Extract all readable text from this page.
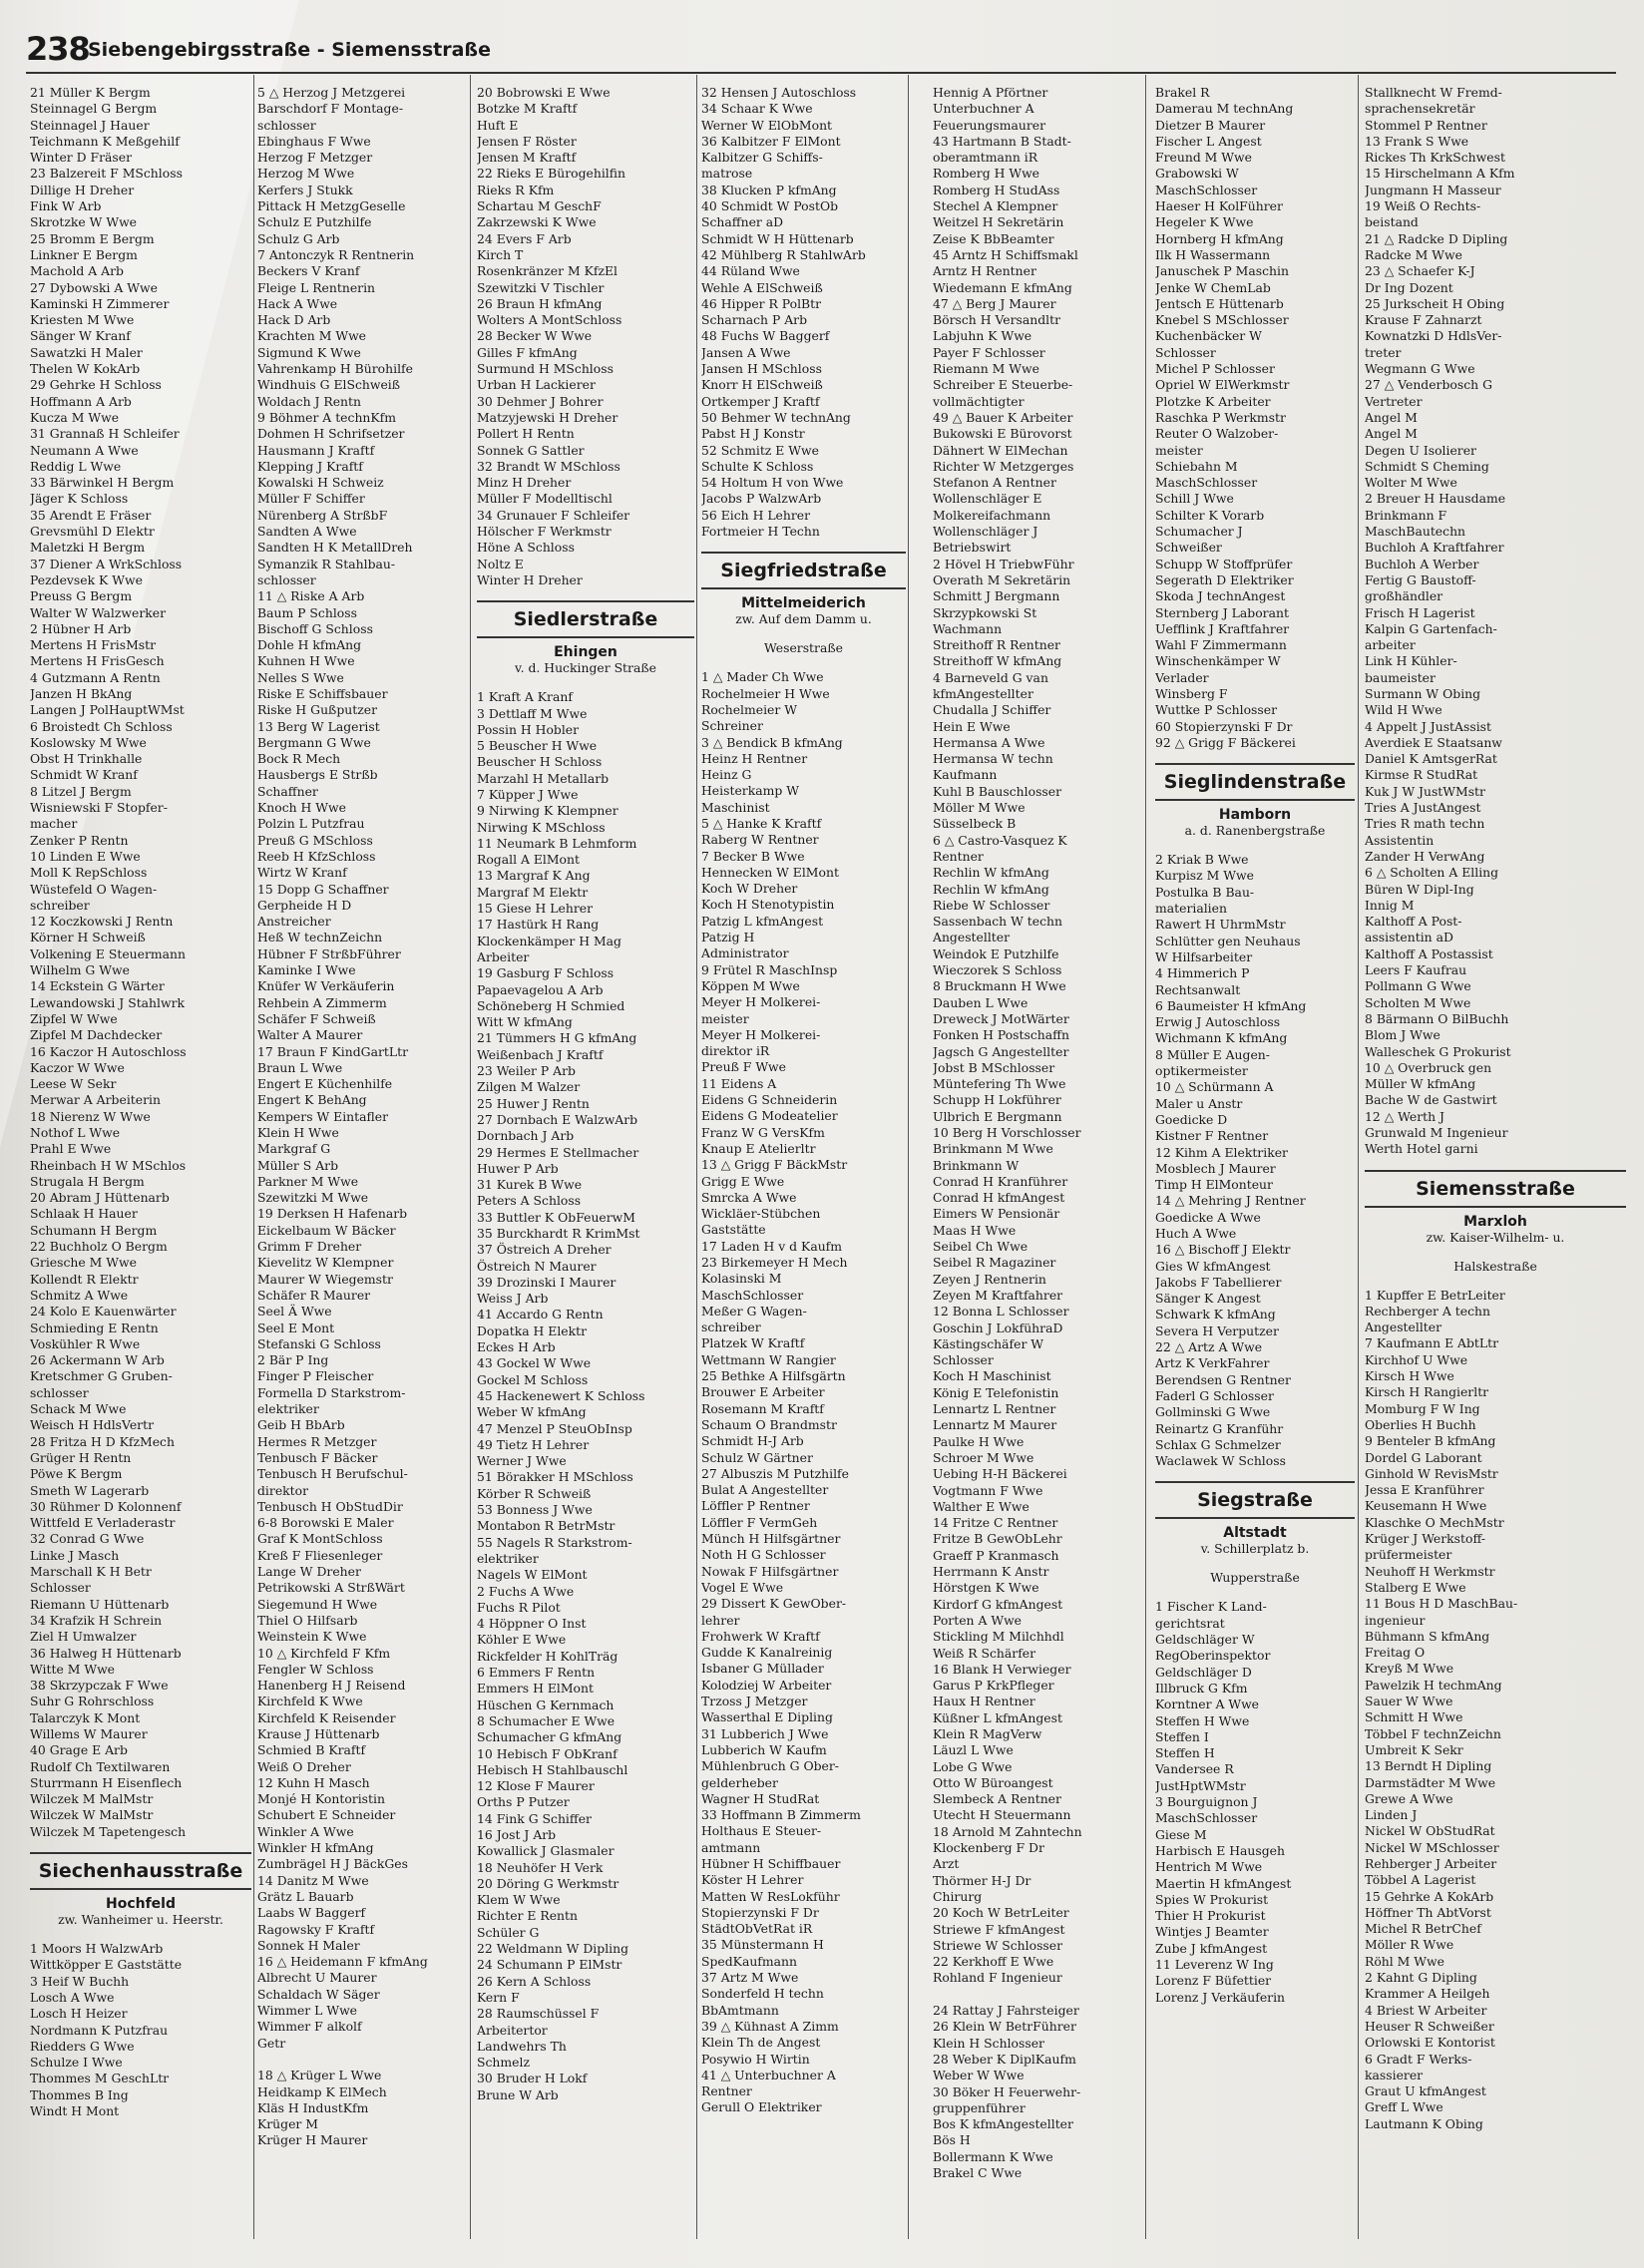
238
Siebengebirgsstraße - Siemensstraße
21 Müller K Bergm
Steinnagel G Bergm
Steinnagel J Hauer
Teichmann K Meßgehilf
Winter D Fräser
23 Balzereit F MSchloss
Dillige H Dreher
Fink W Arb
Skrotzke W Wwe
25 Bromm E Bergm
Linkner E Bergm
Machold A Arb
27 Dybowski A Wwe
Kaminski H Zimmerer
Kriesten M Wwe
Sänger W Kranf
Sawatzki H Maler
Thelen W KokArb
29 Gehrke H Schloss
Hoffmann A Arb
Kucza M Wwe
31 Grannaß H Schleifer
Neumann A Wwe
Reddig L Wwe
33 Bärwinkel H Bergm
Jäger K Schloss
35 Arendt E Fräser
Grevsmühl D Elektr
Maletzki H Bergm
37 Diener A WrkSchloss
Pezdevsek K Wwe
Preuss G Bergm
Walter W Walzwerker
2 Hübner H Arb
Mertens H FrisMstr
Mertens H FrisGesch
4 Gutzmann A Rentn
Janzen H BkAng
Langen J PolHauptWMst
6 Broistedt Ch Schloss
Koslowsky M Wwe
Obst H Trinkhalle
Schmidt W Kranf
8 Litzel J Bergm
Wisniewski F Stopfer-
macher
Zenker P Rentn
10 Linden E Wwe
Moll K RepSchloss
Wüstefeld O Wagen-
schreiber
12 Koczkowski J Rentn
Körner H Schweiß
Volkening E Steuermann
Wilhelm G Wwe
14 Eckstein G Wärter
Lewandowski J Stahlwrk
Zipfel W Wwe
Zipfel M Dachdecker
16 Kaczor H Autoschloss
Kaczor W Wwe
Leese W Sekr
Merwar A Arbeiterin
18 Nierenz W Wwe
Nothof L Wwe
Prahl E Wwe
Rheinbach H W MSchlos
Strugala H Bergm
20 Abram J Hüttenarb
Schlaak H Hauer
Schumann H Bergm
22 Buchholz O Bergm
Griesche M Wwe
Kollendt R Elektr
Schmitz A Wwe
24 Kolo E Kauenwärter
Schmieding E Rentn
Voskühler R Wwe
26 Ackermann W Arb
Kretschmer G Gruben-
schlosser
Schack M Wwe
Weisch H HdlsVertr
28 Fritza H D KfzMech
Grüger H Rentn
Pöwe K Bergm
Smeth W Lagerarb
30 Rühmer D Kolonnenf
Wittfeld E Verladerastr
32 Conrad G Wwe
Linke J Masch
Marschall K H Betr
Schlosser
Riemann U Hüttenarb
34 Krafzik H Schrein
Ziel H Umwalzer
36 Halweg H Hüttenarb
Witte M Wwe
38 Skrzypczak F Wwe
Suhr G Rohrschloss
Talarczyk K Mont
Willems W Maurer
40 Grage E Arb
Rudolf Ch Textilwaren
Sturrmann H Eisenflech
Wilczek M MalMstr
Wilczek W MalMstr
Wilczek M Tapetengesch
Siechenhausstraße
Hochfeld
zw. Wanheimer u. Heerstr.
1 Moors H WalzwArb
Wittköpper E Gaststätte
3 Heif W Buchh
Losch A Wwe
Losch H Heizer
Nordmann K Putzfrau
Riedders G Wwe
Schulze I Wwe
Thommes M GeschLtr
Thommes B Ing
Windt H Mont
5 △ Herzog J Metzgerei
Barschdorf F Montage-
schlosser
Ebinghaus F Wwe
Herzog F Metzger
Herzog M Wwe
Kerfers J Stukk
Pittack H MetzgGeselle
Schulz E Putzhilfe
Schulz G Arb
7 Antonczyk R Rentnerin
Beckers V Kranf
Fleige L Rentnerin
Hack A Wwe
Hack D Arb
Krachten M Wwe
Sigmund K Wwe
Vahrenkamp H Bürohilfe
Windhuis G ElSchweiß
Woldach J Rentn
9 Böhmer A technKfm
Dohmen H Schrifsetzer
Hausmann J Kraftf
Klepping J Kraftf
Kowalski H Schweiz
Müller F Schiffer
Nürenberg A StrßbF
Sandten A Wwe
Sandten H K MetallDreh
Symanzik R Stahlbau-
schlosser
11 △ Riske A Arb
Baum P Schloss
Bischoff G Schloss
Dohle H kfmAng
Kuhnen H Wwe
Nelles S Wwe
Riske E Schiffsbauer
Riske H Gußputzer
13 Berg W Lagerist
Bergmann G Wwe
Bock R Mech
Hausbergs E Strßb
Schaffner
Knoch H Wwe
Polzin L Putzfrau
Preuß G MSchloss
Reeb H KfzSchloss
Wirtz W Kranf
15 Dopp G Schaffner
Gerpheide H D
Anstreicher
Heß W technZeichn
Hübner F StrßbFührer
Kaminke I Wwe
Knüfer W Verkäuferin
Rehbein A Zimmerm
Schäfer F Schweiß
Walter A Maurer
17 Braun F KindGartLtr
Braun L Wwe
Engert E Küchenhilfe
Engert K BehAng
Kempers W Eintafler
Klein H Wwe
Markgraf G
Müller S Arb
Parkner M Wwe
Szewitzki M Wwe
19 Derksen H Hafenarb
Eickelbaum W Bäcker
Grimm F Dreher
Kievelitz W Klempner
Maurer W Wiegemstr
Schäfer R Maurer
Seel Ä Wwe
Seel E Mont
Stefanski G Schloss
2 Bär P Ing
Finger P Fleischer
Formella D Starkstrom-
elektriker
Geib H BbArb
Hermes R Metzger
Tenbusch F Bäcker
Tenbusch H Berufschul-
direktor
Tenbusch H ObStudDir
6-8 Borowski E Maler
Graf K MontSchloss
Kreß F Fliesenleger
Lange W Dreher
Petrikowski A StrßWärt
Siegemund H Wwe
Thiel O Hilfsarb
Weinstein K Wwe
10 △ Kirchfeld F Kfm
Fengler W Schloss
Hanenberg H J Reisend
Kirchfeld K Wwe
Kirchfeld K Reisender
Krause J Hüttenarb
Schmied B Kraftf
Weiß O Dreher
12 Kuhn H Masch
Monjé H Kontoristin
Schubert E Schneider
Winkler A Wwe
Winkler H kfmAng
Zumbrägel H J BäckGes
14 Danitz M Wwe
Grätz L Bauarb
Laabs W Baggerf
Ragowsky F Kraftf
Sonnek H Maler
16 △ Heidemann F kfmAng
Albrecht U Maurer
Schaldach W Säger
Wimmer L Wwe
Wimmer F alkolf
Getr

18 △ Krüger L Wwe
Heidkamp K ElMech
Kläs H IndustKfm
Krüger M
Krüger H Maurer
20 Bobrowski E Wwe
Botzke M Kraftf
Huft E
Jensen F Röster
Jensen M Kraftf
22 Rieks E Bürogehilfin
Rieks R Kfm
Schartau M GeschF
Zakrzewski K Wwe
24 Evers F Arb
Kirch T
Rosenkränzer M KfzEl
Szewitzki V Tischler
26 Braun H kfmAng
Wolters A MontSchloss
28 Becker W Wwe
Gilles F kfmAng
Surmund H MSchloss
Urban H Lackierer
30 Dehmer J Bohrer
Matzyjewski H Dreher
Pollert H Rentn
Sonnek G Sattler
32 Brandt W MSchloss
Minz H Dreher
Müller F Modelltischl
34 Grunauer F Schleifer
Hölscher F Werkmstr
Höne A Schloss
Noltz E
Winter H Dreher
Siedlerstraße
Ehingen
v. d. Huckinger Straße
1 Kraft A Kranf
3 Dettlaff M Wwe
Possin H Hobler
5 Beuscher H Wwe
Beuscher H Schloss
Marzahl H Metallarb
7 Küpper J Wwe
9 Nirwing K Klempner
Nirwing K MSchloss
11 Neumark B Lehmform
Rogall A ElMont
13 Margraf K Ang
Margraf M Elektr
15 Giese H Lehrer
17 Hastürk H Rang
Klockenkämper H Mag
Arbeiter
19 Gasburg F Schloss
Papaevagelou A Arb
Schöneberg H Schmied
Witt W kfmAng
21 Tümmers H G kfmAng
Weißenbach J Kraftf
23 Weiler P Arb
Zilgen M Walzer
25 Huwer J Rentn
27 Dornbach E WalzwArb
Dornbach J Arb
29 Hermes E Stellmacher
Huwer P Arb
31 Kurek B Wwe
Peters A Schloss
33 Buttler K ObFeuerwM
35 Burckhardt R KrimMst
37 Östreich A Dreher
Östreich N Maurer
39 Drozinski I Maurer
Weiss J Arb
41 Accardo G Rentn
Dopatka H Elektr
Eckes H Arb
43 Gockel W Wwe
Gockel M Schloss
45 Hackenewert K Schloss
Weber W kfmAng
47 Menzel P SteuObInsp
49 Tietz H Lehrer
Werner J Wwe
51 Börakker H MSchloss
Körber R Schweiß
53 Bonness J Wwe
Montabon R BetrMstr
55 Nagels R Starkstrom-
elektriker
Nagels W ElMont
2 Fuchs A Wwe
Fuchs R Pilot
4 Höppner O Inst
Köhler E Wwe
Rickfelder H KohlTräg
6 Emmers F Rentn
Emmers H ElMont
Hüschen G Kernmach
8 Schumacher E Wwe
Schumacher G kfmAng
10 Hebisch F ObKranf
Hebisch H Stahlbauschl
12 Klose F Maurer
Orths P Putzer
14 Fink G Schiffer
16 Jost J Arb
Kowallick J Glasmaler
18 Neuhöfer H Verk
20 Döring G Werkmstr
Klem W Wwe
Richter E Rentn
Schüler G
22 Weldmann W Dipling
24 Schumann P ElMstr
26 Kern A Schloss
Kern F
28 Raumschüssel F
Arbeitertor
Landwehrs Th
Schmelz
30 Bruder H Lokf
Brune W Arb
32 Hensen J Autoschloss
34 Schaar K Wwe
Werner W ElObMont
36 Kalbitzer F ElMont
Kalbitzer G Schiffs-
matrose
38 Klucken P kfmAng
40 Schmidt W PostOb
Schaffner aD
Schmidt W H Hüttenarb
42 Mühlberg R StahlwArb
44 Rüland Wwe
Wehle A ElSchweiß
46 Hipper R PolBtr
Scharnach P Arb
48 Fuchs W Baggerf
Jansen A Wwe
Jansen H MSchloss
Knorr H ElSchweiß
Ortkemper J Kraftf
50 Behmer W technAng
Pabst H J Konstr
52 Schmitz E Wwe
Schulte K Schloss
54 Holtum H von Wwe
Jacobs P WalzwArb
56 Eich H Lehrer
Fortmeier H Techn
Siegfriedstraße
Mittelmeiderich
zw. Auf dem Damm u.
Weserstraße
1 △ Mader Ch Wwe
Rochelmeier H Wwe
Rochelmeier W
Schreiner
3 △ Bendick B kfmAng
Heinz H Rentner
Heinz G
Heisterkamp W
Maschinist
5 △ Hanke K Kraftf
Raberg W Rentner
7 Becker B Wwe
Hennecken W ElMont
Koch W Dreher
Koch H Stenotypistin
Patzig L kfmAngest
Patzig H
Administrator
9 Frütel R MaschInsp
Köppen M Wwe
Meyer H Molkerei-
meister
Meyer H Molkerei-
direktor iR
Preuß F Wwe
11 Eidens A
Eidens G Schneiderin
Eidens G Modeatelier
Franz W G VersKfm
Knaup E Atelierltr
13 △ Grigg F BäckMstr
Grigg E Wwe
Smrcka A Wwe
Wickläer-Stübchen
Gaststätte
17 Laden H v d Kaufm
23 Birkemeyer H Mech
Kolasinski M
MaschSchlosser
Meßer G Wagen-
schreiber
Platzek W Kraftf
Wettmann W Rangier
25 Bethke A Hilfsgärtn
Brouwer E Arbeiter
Rosemann M Kraftf
Schaum O Brandmstr
Schmidt H-J Arb
Schulz W Gärtner
27 Albuszis M Putzhilfe
Bulat A Angestellter
Löffler P Rentner
Löffler F VermGeh
Münch H Hilfsgärtner
Noth H G Schlosser
Nowak F Hilfsgärtner
Vogel E Wwe
29 Dissert K GewOber-
lehrer
Frohwerk W Kraftf
Gudde K Kanalreinig
Isbaner G Müllader
Kolodziej W Arbeiter
Trzoss J Metzger
Wasserthal E Dipling
31 Lubberich J Wwe
Lubberich W Kaufm
Mühlenbruch G Ober-
gelderheber
Wagner H StudRat
33 Hoffmann B Zimmerm
Holthaus E Steuer-
amtmann
Hübner H Schiffbauer
Köster H Lehrer
Matten W ResLokführ
Stopierzynski F Dr
StädtObVetRat iR
35 Münstermann H
SpedKaufmann
37 Artz M Wwe
Sonderfeld H techn
BbAmtmann
39 △ Kühnast A Zimm
Klein Th de Angest
Posywio H Wirtin
41 △ Unterbuchner A
Rentner
Gerull O Elektriker
Hennig A Pförtner
Unterbuchner A
Feuerungsmaurer
43 Hartmann B Stadt-
oberamtmann iR
Romberg H Wwe
Romberg H StudAss
Stechel A Klempner
Weitzel H Sekretärin
Zeise K BbBeamter
45 Arntz H Schiffsmakl
Arntz H Rentner
Wiedemann E kfmAng
47 △ Berg J Maurer
Börsch H Versandltr
Labjuhn K Wwe
Payer F Schlosser
Riemann M Wwe
Schreiber E Steuerbe-
vollmächtigter
49 △ Bauer K Arbeiter
Bukowski E Bürovorst
Dähnert W ElMechan
Richter W Metzgerges
Stefanon A Rentner
Wollenschläger E
Molkereifachmann
Wollenschläger J
Betriebswirt
2 Hövel H TriebwFühr
Overath M Sekretärin
Schmitt J Bergmann
Skrzypkowski St
Wachmann
Streithoff R Rentner
Streithoff W kfmAng
4 Barneveld G van
kfmAngestellter
Chudalla J Schiffer
Hein E Wwe
Hermansa A Wwe
Hermansa W techn
Kaufmann
Kuhl B Bauschlosser
Möller M Wwe
Süsselbeck B
6 △ Castro-Vasquez K
Rentner
Rechlin W kfmAng
Rechlin W kfmAng
Riebe W Schlosser
Sassenbach W techn
Angestellter
Weindok E Putzhilfe
Wieczorek S Schloss
8 Bruckmann H Wwe
Dauben L Wwe
Dreweck J MotWärter
Fonken H Postschaffn
Jagsch G Angestellter
Jobst B MSchlosser
Müntefering Th Wwe
Schupp H Lokführer
Ulbrich E Bergmann
10 Berg H Vorschlosser
Brinkmann M Wwe
Brinkmann W
Conrad H Kranführer
Conrad H kfmAngest
Eimers W Pensionär
Maas H Wwe
Seibel Ch Wwe
Seibel R Magaziner
Zeyen J Rentnerin
Zeyen M Kraftfahrer
12 Bonna L Schlosser
Goschin J LokführaD
Kästingschäfer W
Schlosser
Koch H Maschinist
König E Telefonistin
Lennartz L Rentner
Lennartz M Maurer
Paulke H Wwe
Schroer M Wwe
Uebing H-H Bäckerei
Vogtmann F Wwe
Walther E Wwe
14 Fritze C Rentner
Fritze B GewObLehr
Graeff P Kranmasch
Herrmann K Anstr
Hörstgen K Wwe
Kirdorf G kfmAngest
Porten A Wwe
Stickling M Milchhdl
Weiß R Schärfer
16 Blank H Verwieger
Garus P KrkPfleger
Haux H Rentner
Küßner L kfmAngest
Klein R MagVerw
Läuzl L Wwe
Lobe G Wwe
Otto W Büroangest
Slembeck A Rentner
Utecht H Steuermann
18 Arnold M Zahntechn
Klockenberg F Dr
Arzt
Thörmer H-J Dr
Chirurg
20 Koch W BetrLeiter
Striewe F kfmAngest
Striewe W Schlosser
22 Kerkhoff E Wwe
Rohland F Ingenieur

24 Rattay J Fahrsteiger
26 Klein W BetrFührer
Klein H Schlosser
28 Weber K DiplKaufm
Weber W Wwe
30 Böker H Feuerwehr-
gruppenführer
Bos K kfmAngestellter
Bös H
Bollermann K Wwe
Brakel C Wwe
Brakel R
Damerau M technAng
Dietzer B Maurer
Fischer L Angest
Freund M Wwe
Grabowski W
MaschSchlosser
Haeser H KolFührer
Hegeler K Wwe
Hornberg H kfmAng
Ilk H Wassermann
Januschek P Maschin
Jenke W ChemLab
Jentsch E Hüttenarb
Knebel S MSchlosser
Kuchenbäcker W
Schlosser
Michel P Schlosser
Opriel W ElWerkmstr
Plotzke K Arbeiter
Raschka P Werkmstr
Reuter O Walzober-
meister
Schiebahn M
MaschSchlosser
Schill J Wwe
Schilter K Vorarb
Schumacher J
Schweißer
Schupp W Stoffprüfer
Segerath D Elektriker
Skoda J technAngest
Sternberg J Laborant
Uefflink J Kraftfahrer
Wahl F Zimmermann
Winschenkämper W
Verlader
Winsberg F
Wuttke P Schlosser
60 Stopierzynski F Dr
92 △ Grigg F Bäckerei
Sieglindenstraße
Hamborn
a. d. Ranenbergstraße
2 Kriak B Wwe
Kurpisz M Wwe
Postulka B Bau-
materialien
Rawert H UhrmMstr
Schlütter gen Neuhaus
W Hilfsarbeiter
4 Himmerich P
Rechtsanwalt
6 Baumeister H kfmAng
Erwig J Autoschloss
Wichmann K kfmAng
8 Müller E Augen-
optikermeister
10 △ Schürmann A
Maler u Anstr
Goedicke D
Kistner F Rentner
12 Kihm A Elektriker
Mosblech J Maurer
Timp H ElMonteur
14 △ Mehring J Rentner
Goedicke A Wwe
Huch A Wwe
16 △ Bischoff J Elektr
Gies W kfmAngest
Jakobs F Tabellierer
Sänger K Angest
Schwark K kfmAng
Severa H Verputzer
22 △ Artz A Wwe
Artz K VerkFahrer
Berendsen G Rentner
Faderl G Schlosser
Gollminski G Wwe
Reinartz G Kranführ
Schlax G Schmelzer
Waclawek W Schloss
Siegstraße
Altstadt
v. Schillerplatz b.
Wupperstraße
1 Fischer K Land-
gerichtsrat
Geldschläger W
RegOberinspektor
Geldschläger D
Illbruck G Kfm
Korntner A Wwe
Steffen H Wwe
Steffen I
Steffen H
Vandersee R
JustHptWMstr
3 Bourguignon J
MaschSchlosser
Giese M
Harbisch E Hausgeh
Hentrich M Wwe
Maertin H kfmAngest
Spies W Prokurist
Thier H Prokurist
Wintjes J Beamter
Zube J kfmAngest
11 Leverenz W Ing
Lorenz F Büfettier
Lorenz J Verkäuferin
Stallknecht W Fremd-
sprachensekretär
Stommel P Rentner
13 Frank S Wwe
Rickes Th KrkSchwest
15 Hirschelmann A Kfm
Jungmann H Masseur
19 Weiß O Rechts-
beistand
21 △ Radcke D Dipling
Radcke M Wwe
23 △ Schaefer K-J
Dr Ing Dozent
25 Jurkscheit H Obing
Krause F Zahnarzt
Kownatzki D HdlsVer-
treter
Wegmann G Wwe
27 △ Venderbosch G
Vertreter
Angel M
Angel M
Degen U Isolierer
Schmidt S Cheming
Wolter M Wwe
2 Breuer H Hausdame
Brinkmann F
MaschBautechn
Buchloh A Kraftfahrer
Buchloh A Werber
Fertig G Baustoff-
großhändler
Frisch H Lagerist
Kalpin G Gartenfach-
arbeiter
Link H Kühler-
baumeister
Surmann W Obing
Wild H Wwe
4 Appelt J JustAssist
Averdiek E Staatsanw
Daniel K AmtsgerRat
Kirmse R StudRat
Kuk J W JustWMstr
Tries A JustAngest
Tries R math techn
Assistentin
Zander H VerwAng
6 △ Scholten A Elling
Büren W Dipl-Ing
Innig M
Kalthoff A Post-
assistentin aD
Kalthoff A Postassist
Leers F Kaufrau
Pollmann G Wwe
Scholten M Wwe
8 Bärmann O BilBuchh
Blom J Wwe
Walleschek G Prokurist
10 △ Overbruck gen
Müller W kfmAng
Bache W de Gastwirt
12 △ Werth J
Grunwald M Ingenieur
Werth Hotel garni
Siemensstraße
Marxloh
zw. Kaiser-Wilhelm- u.
Halskestraße
1 Kupffer E BetrLeiter
Rechberger A techn
Angestellter
7 Kaufmann E AbtLtr
Kirchhof U Wwe
Kirsch H Wwe
Kirsch H Rangierltr
Momburg F W Ing
Oberlies H Buchh
9 Benteler B kfmAng
Dordel G Laborant
Ginhold W RevisMstr
Jessa E Kranführer
Keusemann H Wwe
Klaschke O MechMstr
Krüger J Werkstoff-
prüfermeister
Neuhoff H Werkmstr
Stalberg E Wwe
11 Bous H D MaschBau-
ingenieur
Bühmann S kfmAng
Freitag O
Kreyß M Wwe
Pawelzik H techmAng
Sauer W Wwe
Schmitt H Wwe
Többel F technZeichn
Umbreit K Sekr
13 Berndt H Dipling
Darmstädter M Wwe
Grewe A Wwe
Linden J
Nickel W ObStudRat
Nickel W MSchlosser
Rehberger J Arbeiter
Többel A Lagerist
15 Gehrke A KokArb
Höffner Th AbtVorst
Michel R BetrChef
Möller R Wwe
Röhl M Wwe
2 Kahnt G Dipling
Krammer A Heilgeh
4 Briest W Arbeiter
Heuser R Schweißer
Orlowski E Kontorist
6 Gradt F Werks-
kassierer
Graut U kfmAngest
Greff L Wwe
Lautmann K Obing
